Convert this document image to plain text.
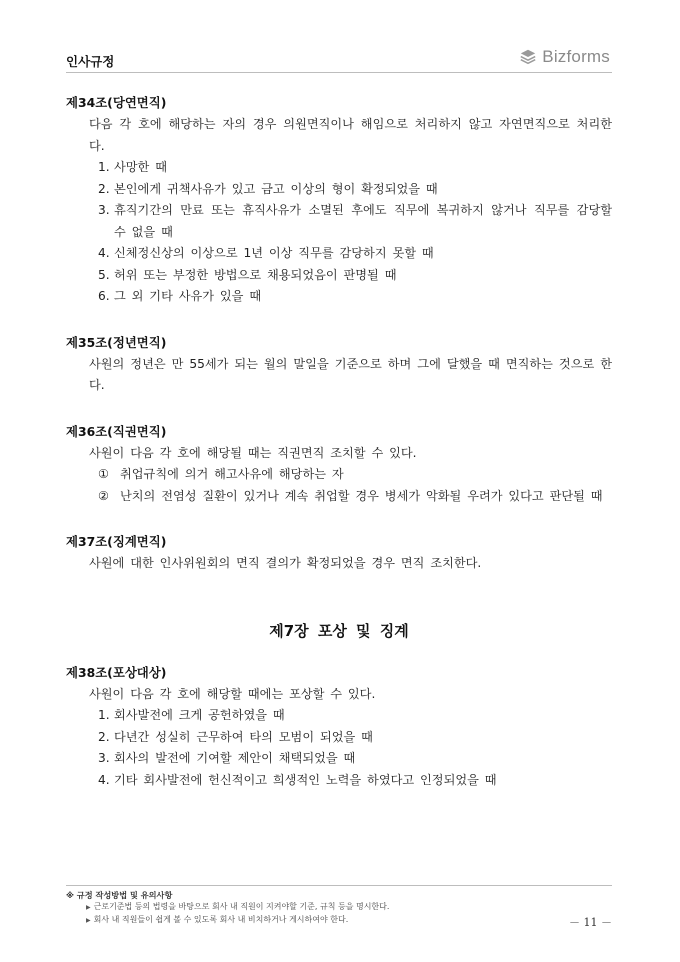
인사규정	Bizforms
제34조(당연면직)
다음 각 호에 해당하는 자의 경우 의원면직이나 해임으로 처리하지 않고 자연면직으로 처리한다.
1. 사망한 때
2. 본인에게 귀책사유가 있고 금고 이상의 형이 확정되었을 때
3. 휴직기간의 만료 또는 휴직사유가 소멸된 후에도 직무에 복귀하지 않거나 직무를 감당할 수 없을 때
4. 신체정신상의 이상으로 1년 이상 직무를 감당하지 못할 때
5. 허위 또는 부정한 방법으로 채용되었음이 판명될 때
6. 그 외 기타 사유가 있을 때
제35조(정년면직)
사원의 정년은 만 55세가 되는 월의 말일을 기준으로 하며 그에 달했을 때 면직하는 것으로 한다.
제36조(직권면직)
사원이 다음 각 호에 해당될 때는 직권면직 조치할 수 있다.
① 취업규칙에 의거 해고사유에 해당하는 자
② 난치의 전염성 질환이 있거나 계속 취업할 경우 병세가 악화될 우려가 있다고 판단될 때
제37조(징계면직)
사원에 대한 인사위원회의 면직 결의가 확정되었을 경우 면직 조치한다.
제7장 포상 및 징계
제38조(포상대상)
사원이 다음 각 호에 해당할 때에는 포상할 수 있다.
1. 회사발전에 크게 공헌하였을 때
2. 다년간 성실히 근무하여 타의 모범이 되었을 때
3. 회사의 발전에 기여할 제안이 채택되었을 때
4. 기타 회사발전에 헌신적이고 희생적인 노력을 하였다고 인정되었을 때
※ 규정 작성방법 및 유의사항
▶ 근로기준법 등의 법령을 바탕으로 회사 내 직원이 지켜야할 기준, 규칙 등을 명시한다.
▶ 회사 내 직원들이 쉽게 볼 수 있도록 회사 내 비치하거나 게시하여야 한다.	－ 11 －
